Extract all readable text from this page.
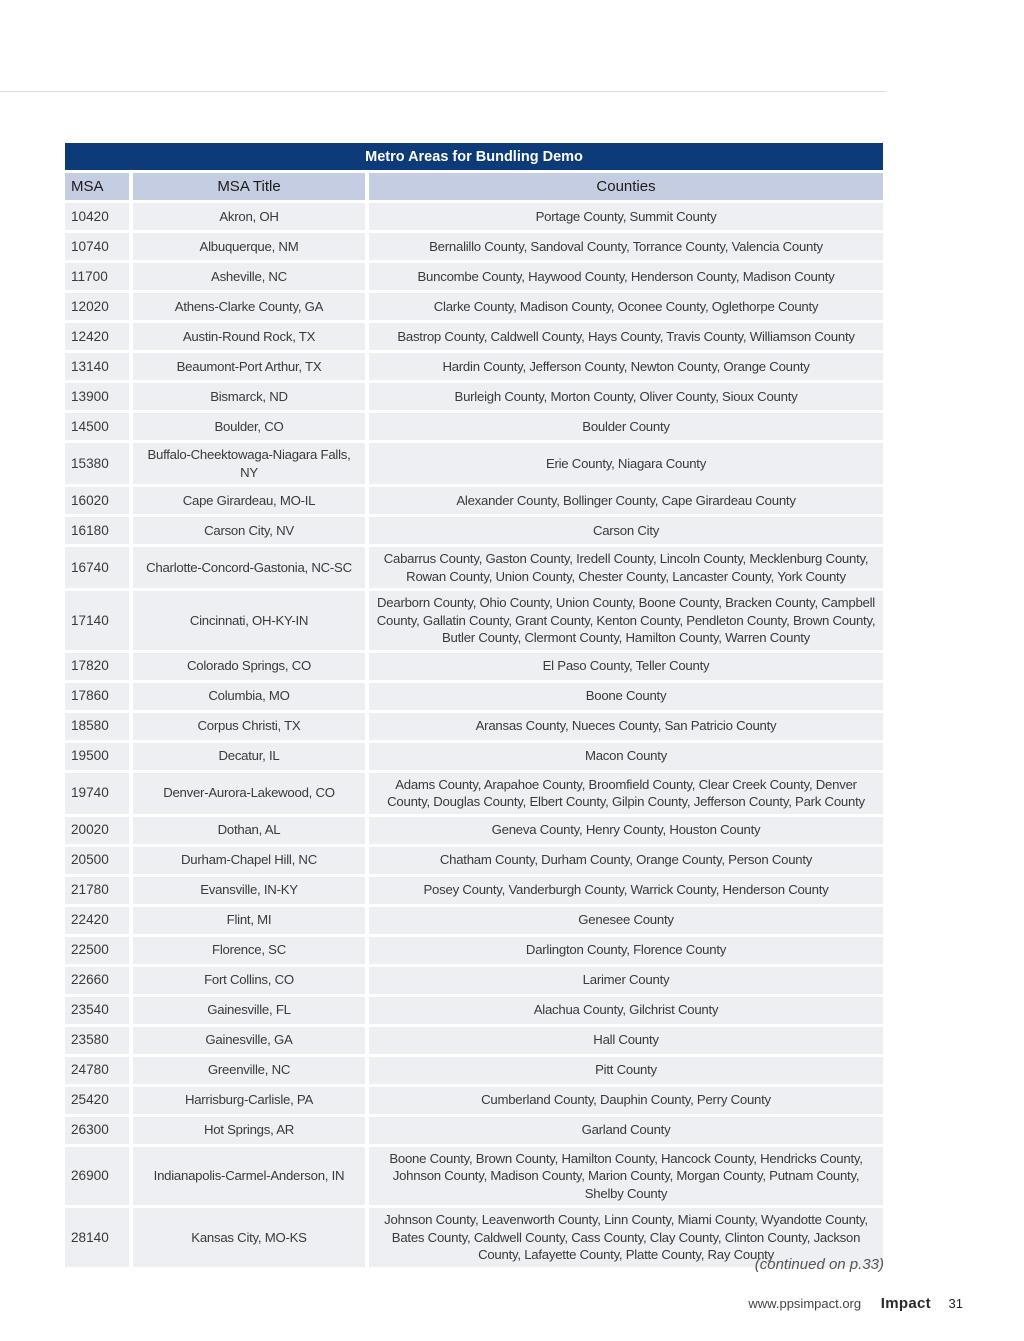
Metro Areas for Bundling Demo		
MSA	MSA Title	Counties
10420	Akron, OH	Portage County, Summit County
10740	Albuquerque, NM	Bernalillo County, Sandoval County, Torrance County, Valencia County
11700	Asheville, NC	Buncombe County, Haywood County, Henderson County, Madison County
12020	Athens-Clarke County, GA	Clarke County, Madison County, Oconee County, Oglethorpe County
12420	Austin-Round Rock, TX	Bastrop County, Caldwell County, Hays County, Travis County, Williamson County
13140	Beaumont-Port Arthur, TX	Hardin County, Jefferson County, Newton County, Orange County
13900	Bismarck, ND	Burleigh County, Morton County, Oliver County, Sioux County
14500	Boulder, CO	Boulder County
15380	Buffalo-Cheektowaga-Niagara Falls, NY	Erie County, Niagara County
16020	Cape Girardeau, MO-IL	Alexander County, Bollinger County, Cape Girardeau County
16180	Carson City, NV	Carson City
16740	Charlotte-Concord-Gastonia, NC-SC	Cabarrus County, Gaston County, Iredell County, Lincoln County, Mecklenburg County, Rowan County, Union County, Chester County, Lancaster County, York County
17140	Cincinnati, OH-KY-IN	Dearborn County, Ohio County, Union County, Boone County, Bracken County, Campbell County, Gallatin County, Grant County, Kenton County, Pendleton County, Brown County, Butler County, Clermont County, Hamilton County, Warren County
17820	Colorado Springs, CO	El Paso County, Teller County
17860	Columbia, MO	Boone County
18580	Corpus Christi, TX	Aransas County, Nueces County, San Patricio County
19500	Decatur, IL	Macon County
19740	Denver-Aurora-Lakewood, CO	Adams County, Arapahoe County, Broomfield County, Clear Creek County, Denver County, Douglas County, Elbert County, Gilpin County, Jefferson County, Park County
20020	Dothan, AL	Geneva County, Henry County, Houston County
20500	Durham-Chapel Hill, NC	Chatham County, Durham County, Orange County, Person County
21780	Evansville, IN-KY	Posey County, Vanderburgh County, Warrick County, Henderson County
22420	Flint, MI	Genesee County
22500	Florence, SC	Darlington County, Florence County
22660	Fort Collins, CO	Larimer County
23540	Gainesville, FL	Alachua County, Gilchrist County
23580	Gainesville, GA	Hall County
24780	Greenville, NC	Pitt County
25420	Harrisburg-Carlisle, PA	Cumberland County, Dauphin County, Perry County
26300	Hot Springs, AR	Garland County
26900	Indianapolis-Carmel-Anderson, IN	Boone County, Brown County, Hamilton County, Hancock County, Hendricks County, Johnson County, Madison County, Marion County, Morgan County, Putnam County, Shelby County
28140	Kansas City, MO-KS	Johnson County, Leavenworth County, Linn County, Miami County, Wyandotte County, Bates County, Caldwell County, Cass County, Clay County, Clinton County, Jackson County, Lafayette County, Platte County, Ray County
(continued on p.33)
www.ppsimpact.org Impact 31
